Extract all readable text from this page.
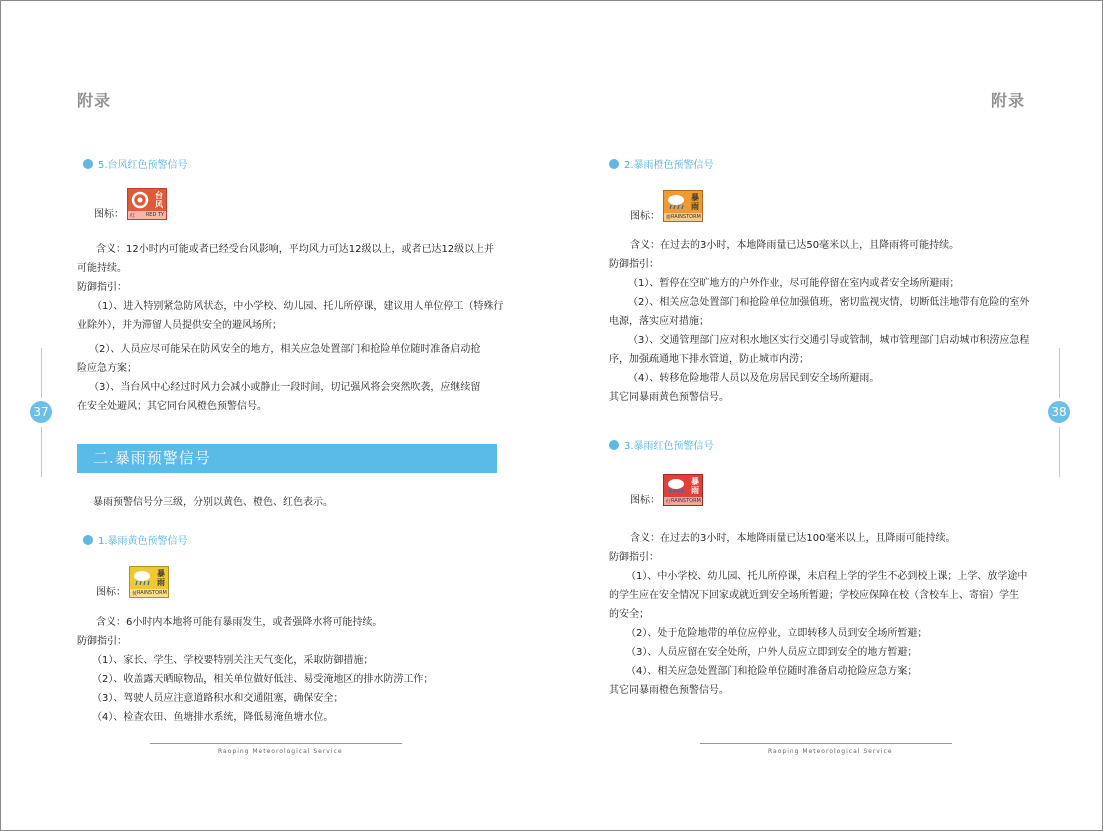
附录
5.台风红色预警信号
图标：
台
风
红 RED TY
含义：12小时内可能或者已经受台风影响，平均风力可达12级以上，或者已达12级以上并
可能持续。
防御指引：
（1）、进入特别紧急防风状态，中小学校、幼儿园、托儿所停课，建议用人单位停工（特殊行
业除外），并为滞留人员提供安全的避风场所；
（2）、人员应尽可能呆在防风安全的地方，相关应急处置部门和抢险单位随时准备启动抢
险应急方案；
（3）、当台风中心经过时风力会减小或静止一段时间，切记强风将会突然吹袭，应继续留
在安全处避风；其它同台风橙色预警信号。
二.暴雨预警信号
暴雨预警信号分三级，分别以黄色、橙色、红色表示。
1.暴雨黄色预警信号
图标：
暴
雨
黄 RAINSTORM
含义：6小时内本地将可能有暴雨发生，或者强降水将可能持续。
防御指引：
（1）、家长、学生、学校要特别关注天气变化，采取防御措施；
（2）、收盖露天晒晾物品，相关单位做好低洼、易受淹地区的排水防涝工作；
（3）、驾驶人员应注意道路积水和交通阻塞，确保安全；
（4）、检查农田、鱼塘排水系统，降低易淹鱼塘水位。
37
Raoping Meteorological Service
附录
2.暴雨橙色预警信号
图标：
暴
雨
橙 RAINSTORM
含义：在过去的3小时，本地降雨量已达50毫米以上，且降雨将可能持续。
防御指引：
（1）、暂停在空旷地方的户外作业，尽可能停留在室内或者安全场所避雨；
（2）、相关应急处置部门和抢险单位加强值班，密切监视灾情，切断低洼地带有危险的室外
电源，落实应对措施；
（3）、交通管理部门应对积水地区实行交通引导或管制，城市管理部门启动城市积涝应急程
序，加强疏通地下排水管道，防止城市内涝；
（4）、转移危险地带人员以及危房居民到安全场所避雨。
其它同暴雨黄色预警信号。
3.暴雨红色预警信号
图标：
暴
雨
红 RAINSTORM
含义：在过去的3小时，本地降雨量已达100毫米以上，且降雨可能持续。
防御指引：
（1）、中小学校、幼儿园、托儿所停课，未启程上学的学生不必到校上课；上学、放学途中
的学生应在安全情况下回家或就近到安全场所暂避；学校应保障在校（含校车上、寄宿）学生
的安全；
（2）、处于危险地带的单位应停业，立即转移人员到安全场所暂避；
（3）、人员应留在安全处所，户外人员应立即到安全的地方暂避；
（4）、相关应急处置部门和抢险单位随时准备启动抢险应急方案；
其它同暴雨橙色预警信号。
38
Raoping Meteorological Service
